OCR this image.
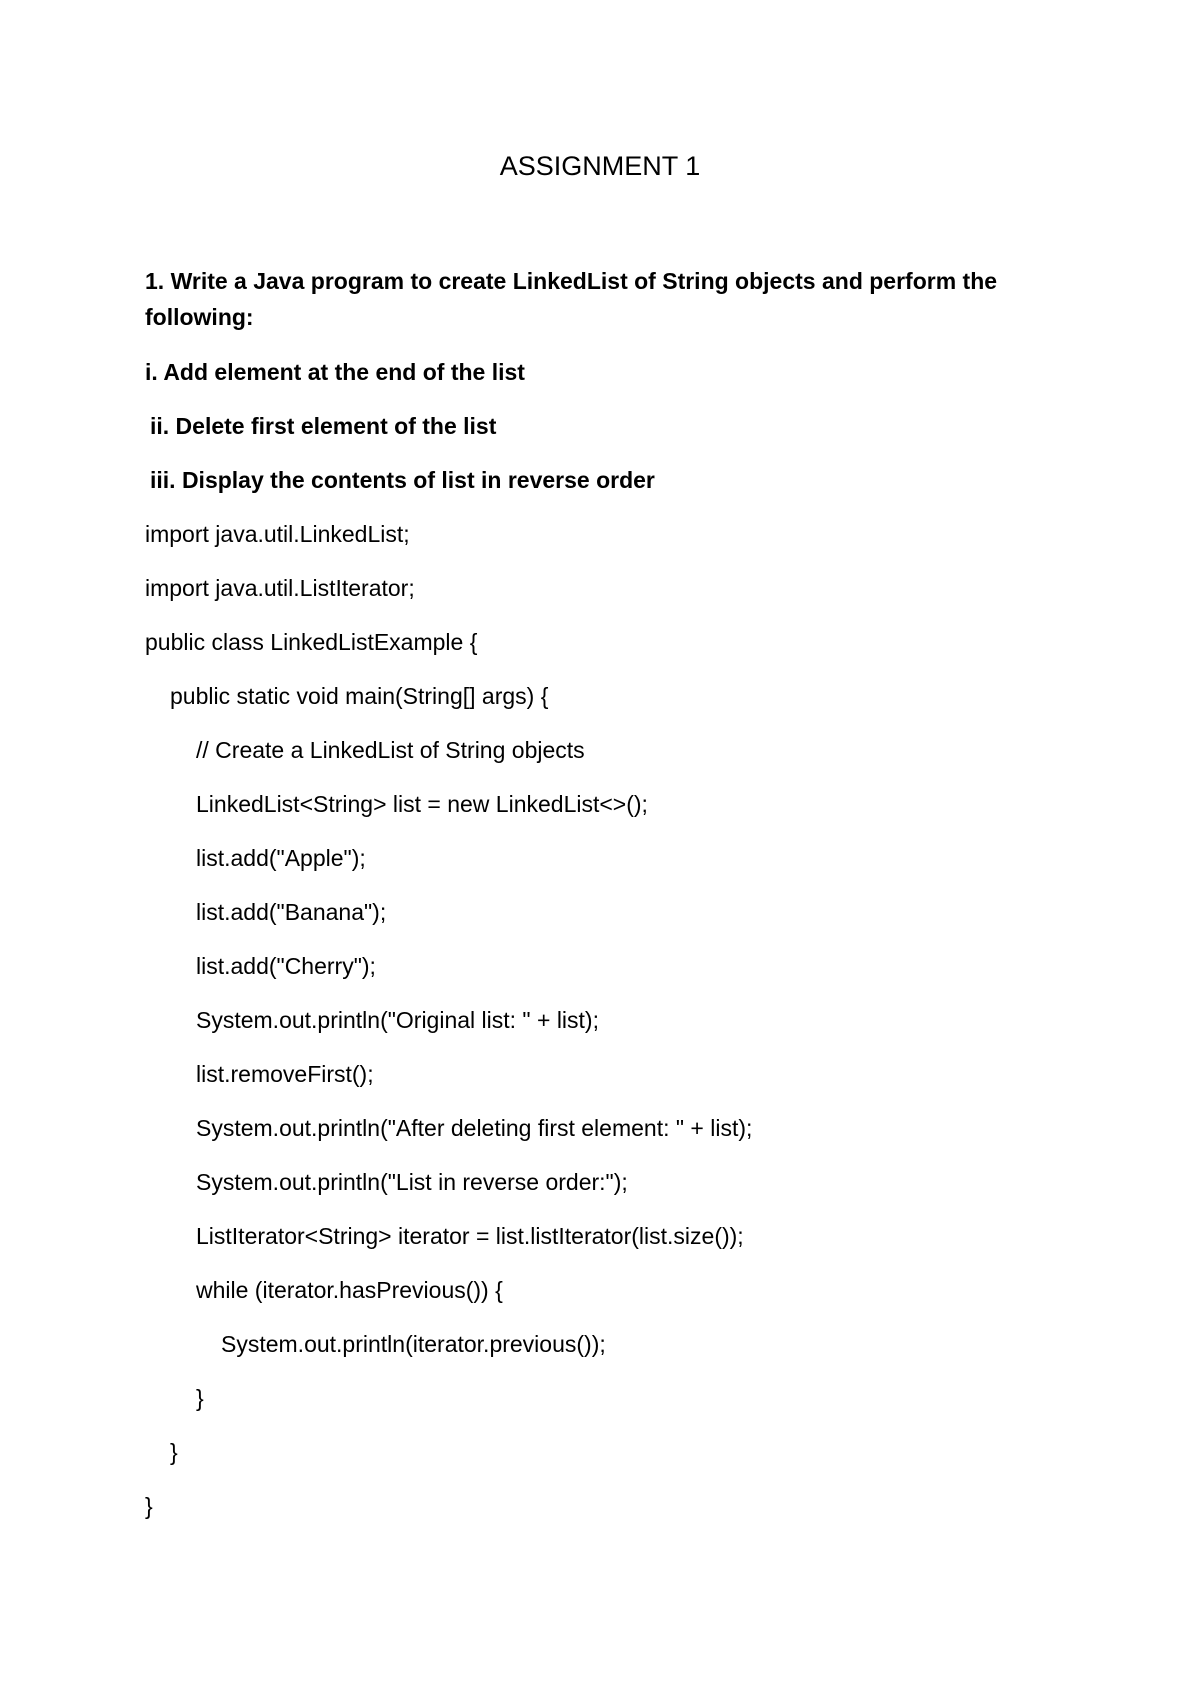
ASSIGNMENT 1

1. Write a Java program to create LinkedList of String objects and perform the following:

i. Add element at the end of the list

ii. Delete first element of the list

iii. Display the contents of list in reverse order

import java.util.LinkedList;

import java.util.ListIterator;

public class LinkedListExample {

public static void main(String[] args) {

// Create a LinkedList of String objects

LinkedList<String> list = new LinkedList<>();

list.add("Apple");

list.add("Banana");

list.add("Cherry");

System.out.println("Original list: " + list);

list.removeFirst();

System.out.println("After deleting first element: " + list);

System.out.println("List in reverse order:");

ListIterator<String> iterator = list.listIterator(list.size());

while (iterator.hasPrevious()) {

System.out.println(iterator.previous());

}

}

}
